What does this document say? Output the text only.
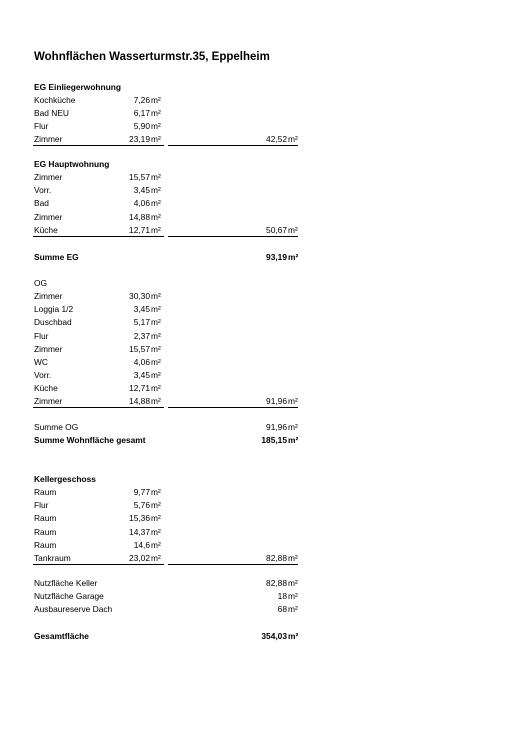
Wohnflächen Wasserturmstr.35, Eppelheim
EG Einliegerwohnung
Kochküche	7,26 m²
Bad NEU	6,17 m²
Flur	5,90 m²
Zimmer	23,19 m²	42,52 m²
EG Hauptwohnung
Zimmer	15,57 m²
Vorr.	3,45 m²
Bad	4,06 m²
Zimmer	14,88 m²
Küche	12,71 m²	50,67 m²
Summe EG	93,19 m²
OG
Zimmer	30,30 m²
Loggia 1/2	3,45 m²
Duschbad	5,17 m²
Flur	2,37 m²
Zimmer	15,57 m²
WC	4,06 m²
Vorr.	3,45 m²
Küche	12,71 m²
Zimmer	14,88 m²	91,96 m²
Summe OG	91,96 m²
Summe Wohnfläche gesamt	185,15 m²
Kellergeschoss
Raum	9,77 m²
Flur	5,76 m²
Raum	15,36 m²
Raum	14,37 m²
Raum	14,6 m²
Tankraum	23,02 m²	82,88 m²
Nutzfläche Keller	82,88 m²
Nutzfläche Garage	18 m²
Ausbaureserve Dach	68 m²
Gesamtfläche	354,03 m²
